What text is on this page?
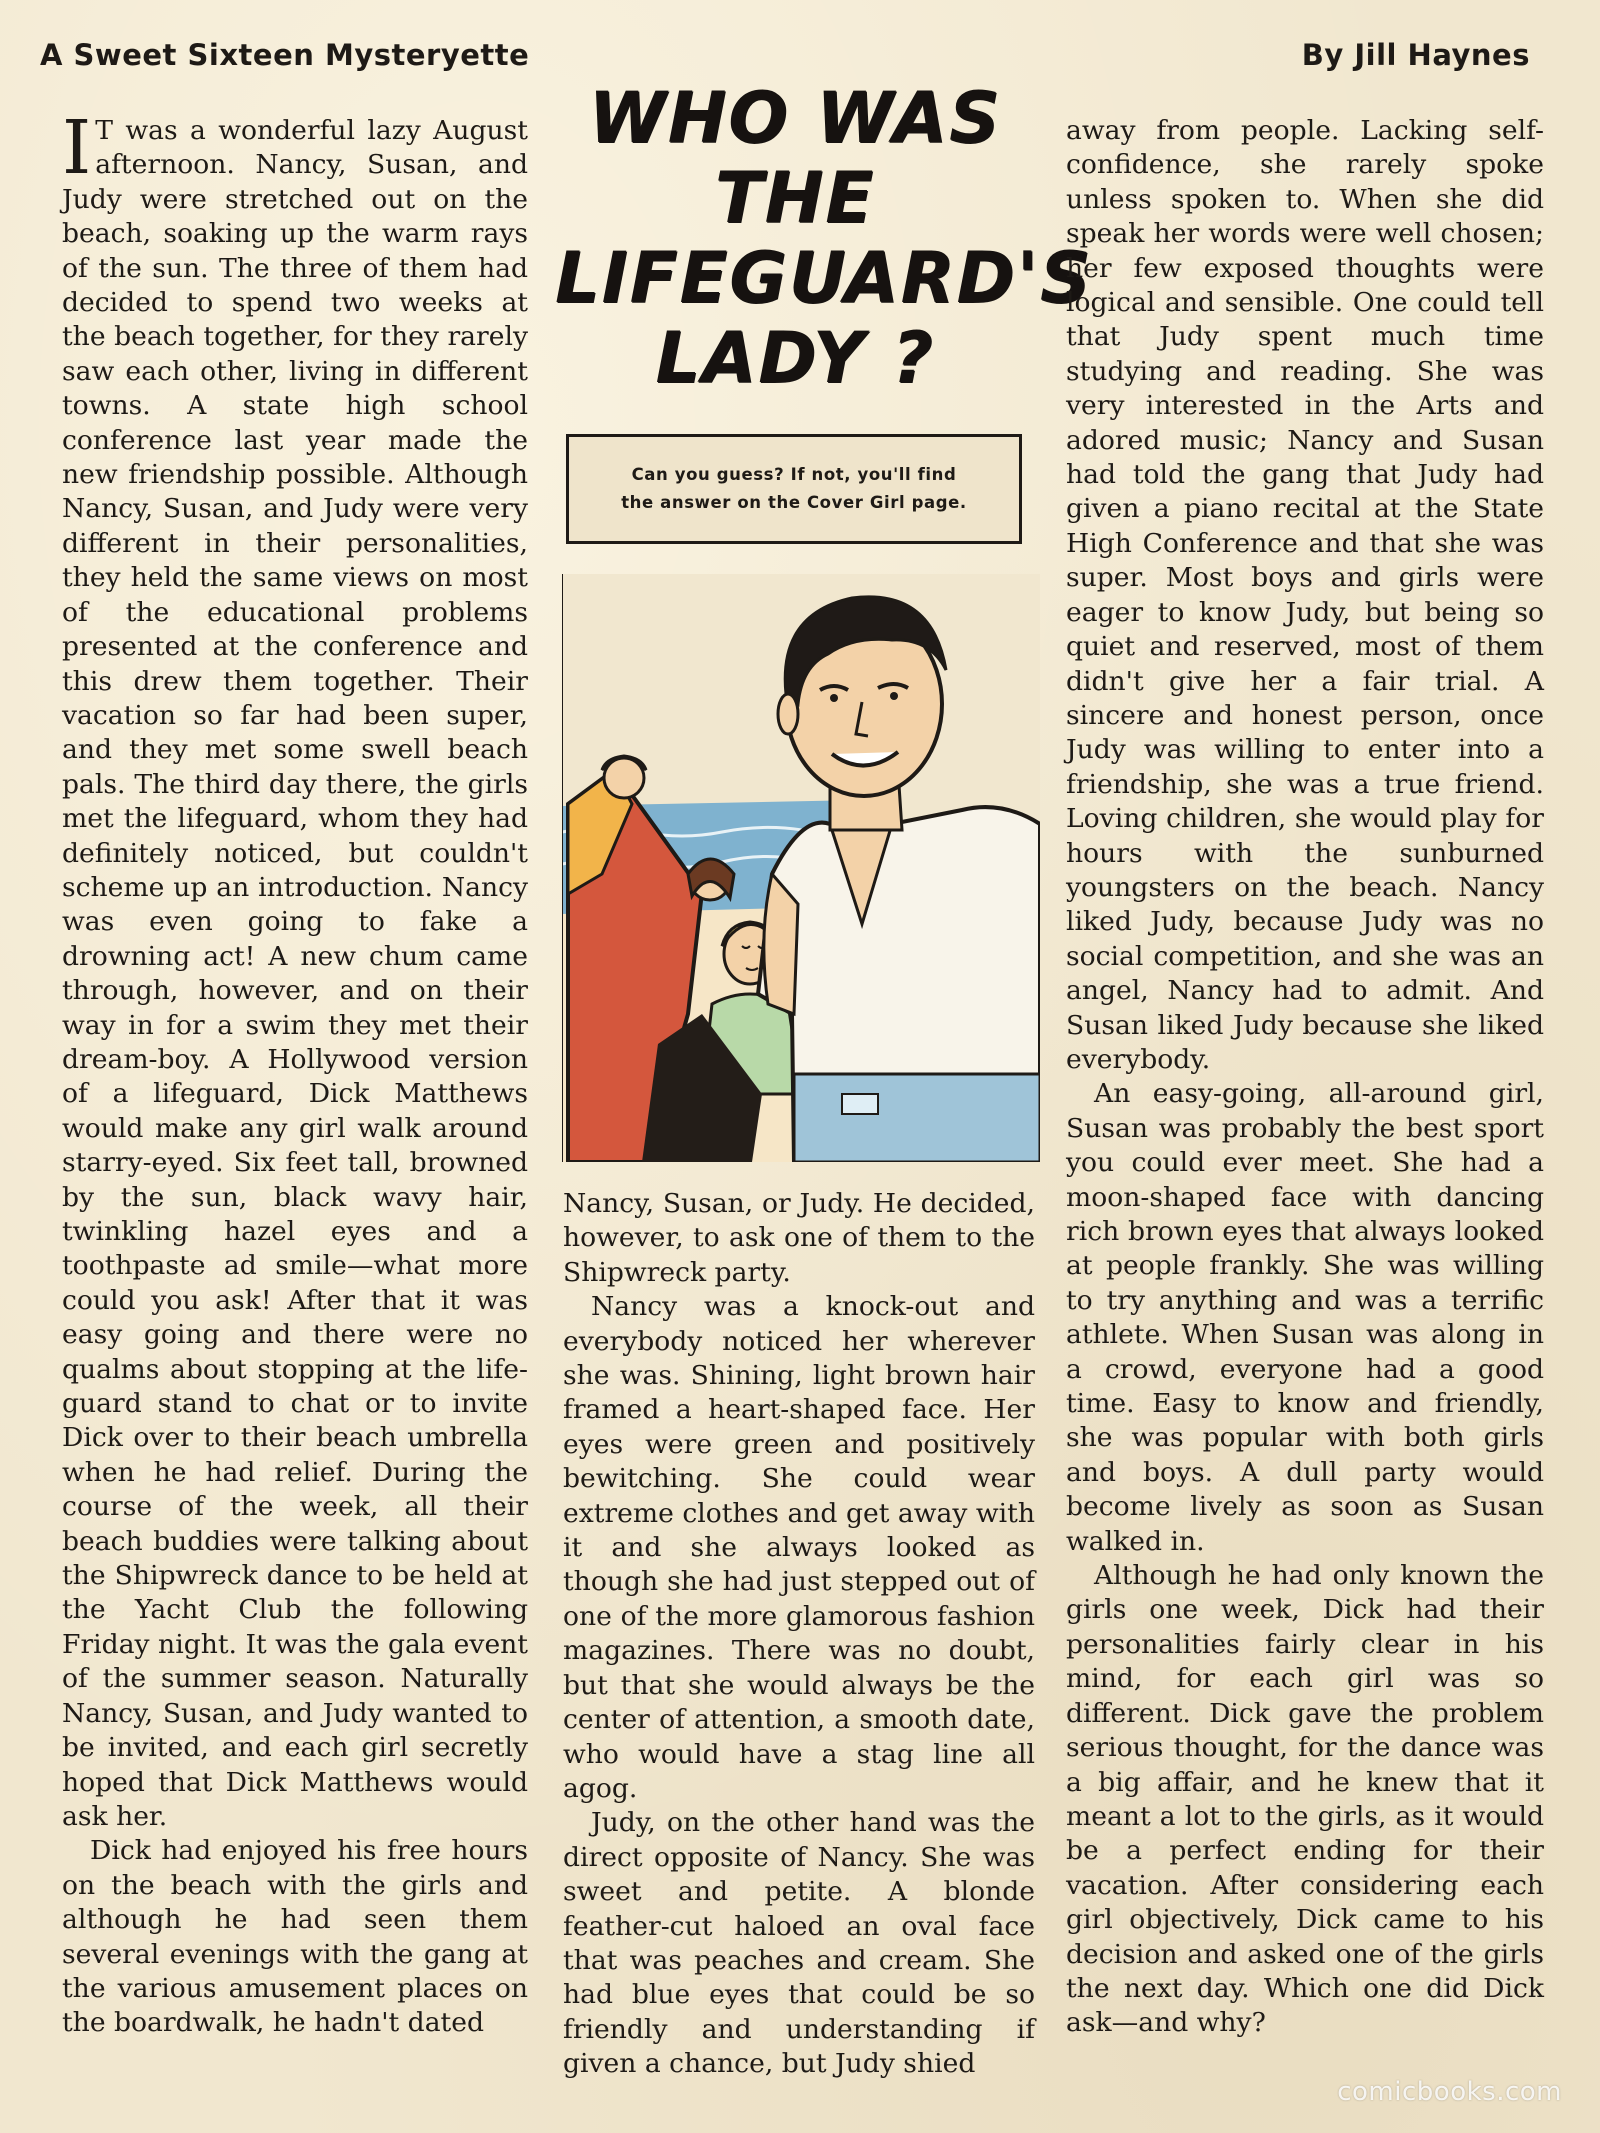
A Sweet Sixteen Mysteryette	By Jill Haynes

I T was a wonderful lazy August afternoon. Nancy, Susan, and Judy were stretched out on the beach, soaking up the warm rays of the sun. The three of them had decided to spend two weeks at the beach together, for they rarely saw each other, living in different towns. A state high school conference last year made the new friendship possible. Although Nancy, Susan, and Judy were very different in their personalities, they held the same views on most of the educational problems presented at the conference and this drew them together. Their vacation so far had been super, and they met some swell beach pals. The third day there, the girls met the lifeguard, whom they had definitely noticed, but couldn't scheme up an introduction. Nancy was even going to fake a drowning act! A new chum came through, however, and on their way in for a swim they met their dream-boy. A Hollywood version of a lifeguard, Dick Matthews would make any girl walk around starry-eyed. Six feet tall, browned by the sun, black wavy hair, twinkling hazel eyes and a toothpaste ad smile—what more could you ask! After that it was easy going and there were no qualms about stopping at the life-guard stand to chat or to invite Dick over to their beach umbrella when he had relief. During the course of the week, all their beach buddies were talking about the Shipwreck dance to be held at the Yacht Club the following Friday night. It was the gala event of the summer season. Naturally Nancy, Susan, and Judy wanted to be invited, and each girl secretly hoped that Dick Matthews would ask her.

Dick had enjoyed his free hours on the beach with the girls and although he had seen them several evenings with the gang at the various amusement places on the boardwalk, he hadn't dated

WHO WAS
THE
LIFEGUARD'S
LADY ?
Can you guess? If not, you'll find
the answer on the Cover Girl page.

Nancy, Susan, or Judy. He decided, however, to ask one of them to the Shipwreck party.

Nancy was a knock-out and everybody noticed her wherever she was. Shining, light brown hair framed a heart-shaped face. Her eyes were green and positively bewitching. She could wear extreme clothes and get away with it and she always looked as though she had just stepped out of one of the more glamorous fashion magazines. There was no doubt, but that she would always be the center of attention, a smooth date, who would have a stag line all agog.

Judy, on the other hand was the direct opposite of Nancy. She was sweet and petite. A blonde feather-cut haloed an oval face that was peaches and cream. She had blue eyes that could be so friendly and understanding if given a chance, but Judy shied

away from people. Lacking self-confidence, she rarely spoke unless spoken to. When she did speak her words were well chosen; her few exposed thoughts were logical and sensible. One could tell that Judy spent much time studying and reading. She was very interested in the Arts and adored music; Nancy and Susan had told the gang that Judy had given a piano recital at the State High Conference and that she was super. Most boys and girls were eager to know Judy, but being so quiet and reserved, most of them didn't give her a fair trial. A sincere and honest person, once Judy was willing to enter into a friendship, she was a true friend. Loving children, she would play for hours with the sunburned youngsters on the beach. Nancy liked Judy, because Judy was no social competition, and she was an angel, Nancy had to admit. And Susan liked Judy because she liked everybody.

An easy-going, all-around girl, Susan was probably the best sport you could ever meet. She had a moon-shaped face with dancing rich brown eyes that always looked at people frankly. She was willing to try anything and was a terrific athlete. When Susan was along in a crowd, everyone had a good time. Easy to know and friendly, she was popular with both girls and boys. A dull party would become lively as soon as Susan walked in.

Although he had only known the girls one week, Dick had their personalities fairly clear in his mind, for each girl was so different. Dick gave the problem serious thought, for the dance was a big affair, and he knew that it meant a lot to the girls, as it would be a perfect ending for their vacation. After considering each girl objectively, Dick came to his decision and asked one of the girls the next day. Which one did Dick ask—and why?

comicbooks.com
